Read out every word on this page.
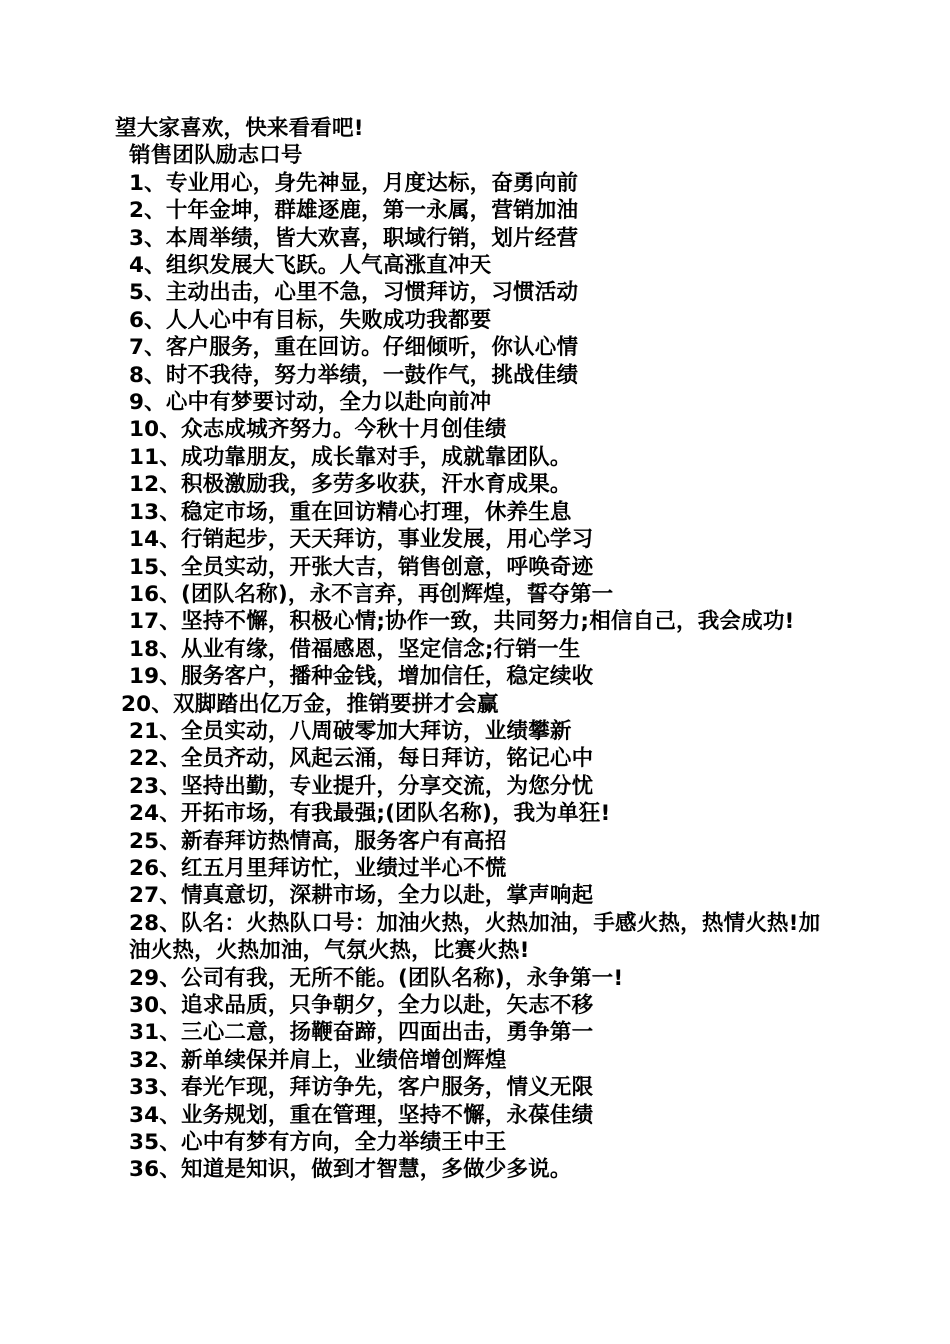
望大家喜欢，快来看看吧!
销售团队励志口号
1、专业用心，身先神显，月度达标，奋勇向前
2、十年金坤，群雄逐鹿，第一永属，营销加油
3、本周举绩，皆大欢喜，职域行销，划片经营
4、组织发展大飞跃。人气高涨直冲天
5、主动出击，心里不急，习惯拜访，习惯活动
6、人人心中有目标，失败成功我都要
7、客户服务，重在回访。仔细倾听，你认心情
8、时不我待，努力举绩，一鼓作气，挑战佳绩
9、心中有梦要讨动，全力以赴向前冲
10、众志成城齐努力。今秋十月创佳绩
11、成功靠朋友，成长靠对手，成就靠团队。
12、积极激励我，多劳多收获，汗水育成果。
13、稳定市场，重在回访精心打理，休养生息
14、行销起步，天天拜访，事业发展，用心学习
15、全员实动，开张大吉，销售创意，呼唤奇迹
16、(团队名称)，永不言弃，再创辉煌，誓夺第一
17、坚持不懈，积极心情;协作一致，共同努力;相信自己，我会成功!
18、从业有缘，借福感恩，坚定信念;行销一生
19、服务客户，播种金钱，增加信任，稳定续收
20、双脚踏出亿万金，推销要拼才会赢
21、全员实动，八周破零加大拜访，业绩攀新
22、全员齐动，风起云涌，每日拜访，铭记心中
23、坚持出勤，专业提升，分享交流，为您分忧
24、开拓市场，有我最强;(团队名称)，我为单狂!
25、新春拜访热情高，服务客户有高招
26、红五月里拜访忙，业绩过半心不慌
27、情真意切，深耕市场，全力以赴，掌声响起
28、队名：火热队口号：加油火热，火热加油，手感火热，热情火热!加油火热，火热加油，气氛火热，比赛火热!
29、公司有我，无所不能。(团队名称)，永争第一!
30、追求品质，只争朝夕，全力以赴，矢志不移
31、三心二意，扬鞭奋蹄，四面出击，勇争第一
32、新单续保并肩上，业绩倍增创辉煌
33、春光乍现，拜访争先，客户服务，情义无限
34、业务规划，重在管理，坚持不懈，永葆佳绩
35、心中有梦有方向，全力举绩王中王
36、知道是知识，做到才智慧，多做少多说。
